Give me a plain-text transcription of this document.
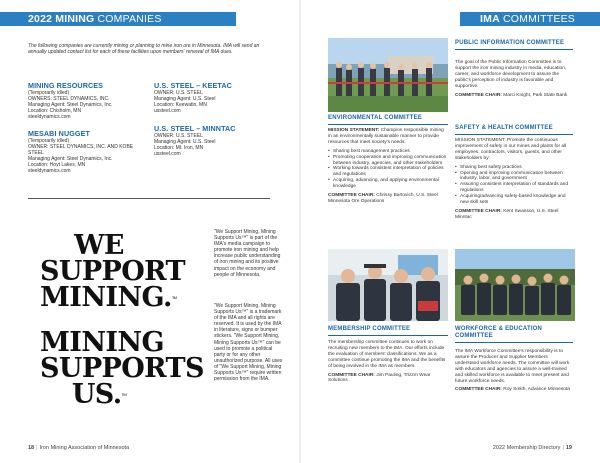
2022 MINING COMPANIES

The following companies are currently mining or planning to mine iron ore in Minnesota. IMA will send an annually updated contact list for each of these facilities upon members' renewal of IMA dues.

MINING RESOURCES
(Temporarily idled)
OWNERS: STEEL DYNAMICS, INC.
Managing Agent: Steel Dynamics, Inc.
Location: Chisholm, MN
steeldynamics.com
U.S. STEEL – KEETAC
OWNER: U.S. STEEL
Managing Agent: U.S. Steel
Location: Keewatin, MN
ussteel.com
MESABI NUGGET
(Temporarily idled)
OWNER: STEEL DYNAMICS, INC. AND KOBE STEEL
Managing Agent: Steel Dynamics, Inc.
Location: Hoyt Lakes, MN
steeldynamics.com
U.S. STEEL – MINNTAC
OWNER: U.S. STEEL
Managing Agent: U.S. Steel
Location: Mt. Iron, MN
ussteel.com
WE
SUPPORT
MINING.™
MINING
SUPPORTS
US.™

"We Support Mining, Mining Supports Us™" is part of the IMA's media campaign to promote iron mining and help increase public understanding of iron mining and its positive impact on the economy and people of Minnesota.

"We Support Mining, Mining Supports Us™" is a trademark of the IMA and all rights are reserved. It is used by the IMA in literature, signs or bumper stickers. "We Support Mining, Mining Supports Us™" can be used to promote a political party or for any other unauthorized purpose. All uses of "We Support Mining, Mining Supports Us™" require written permission from the IMA.

18 | Iron Mining Association of Minnesota
IMA COMMITTEES
ENVIRONMENTAL COMMITTEE

MISSION STATEMENT: Champion responsible mining in an environmentally sustainable manner to provide resources that meet society's needs.

• Sharing best management practices
• Promoting cooperation and improving communication between industry, agencies, and other stakeholders
• Working towards consistent interpretation of policies and regulations
• Acquiring, advancing, and applying environmental knowledge

COMMITTEE CHAIR: Chrissy Bartovich, U.S. Steel Minnesota Ore Operations

PUBLIC INFORMATION COMMITTEE

The goal of the Public Information Committee is to support the iron mining industry in media, education, career, and workforce development to assure the public's perception of industry is favorable and supportive.

COMMITTEE CHAIR: Marci Knight, Park State Bank

SAFETY & HEALTH COMMITTEE

MISSION STATEMENT: Promote the continuous improvement of safety in our mines and plants for all employees, contractors, visitors, guests, and other stakeholders by:

• Sharing best safety practices
• Opening and improving communication between industry, labor, and government
• Assuring consistent interpretation of standards and regulations
• Acquiring/advancing safety-based knowledge and new skill sets

COMMITTEE CHAIR: Kent Swanson, U.S. Steel Minntac

MEMBERSHIP COMMITTEE

The membership committee continues to work on recruiting new members to the IMA. Our efforts include the evaluation of members' classifications. We as a committee continue promoting the IMA and the benefits of being involved in the IMA as members.

COMMITTEE CHAIR: Jim Pauling, Trizzm Wear Solutions

WORKFORCE & EDUCATION COMMITTEE

The IMA Workforce Committee's responsibility is to assure the Producer and Supplier Members understand workforce needs. The committee will work with educators and agencies to assure a well-trained and skilled workforce is available to meet present and future workforce needs.

COMMITTEE CHAIR: Roy Smith, Advance Minnesota

2022 Membership Directory | 19
